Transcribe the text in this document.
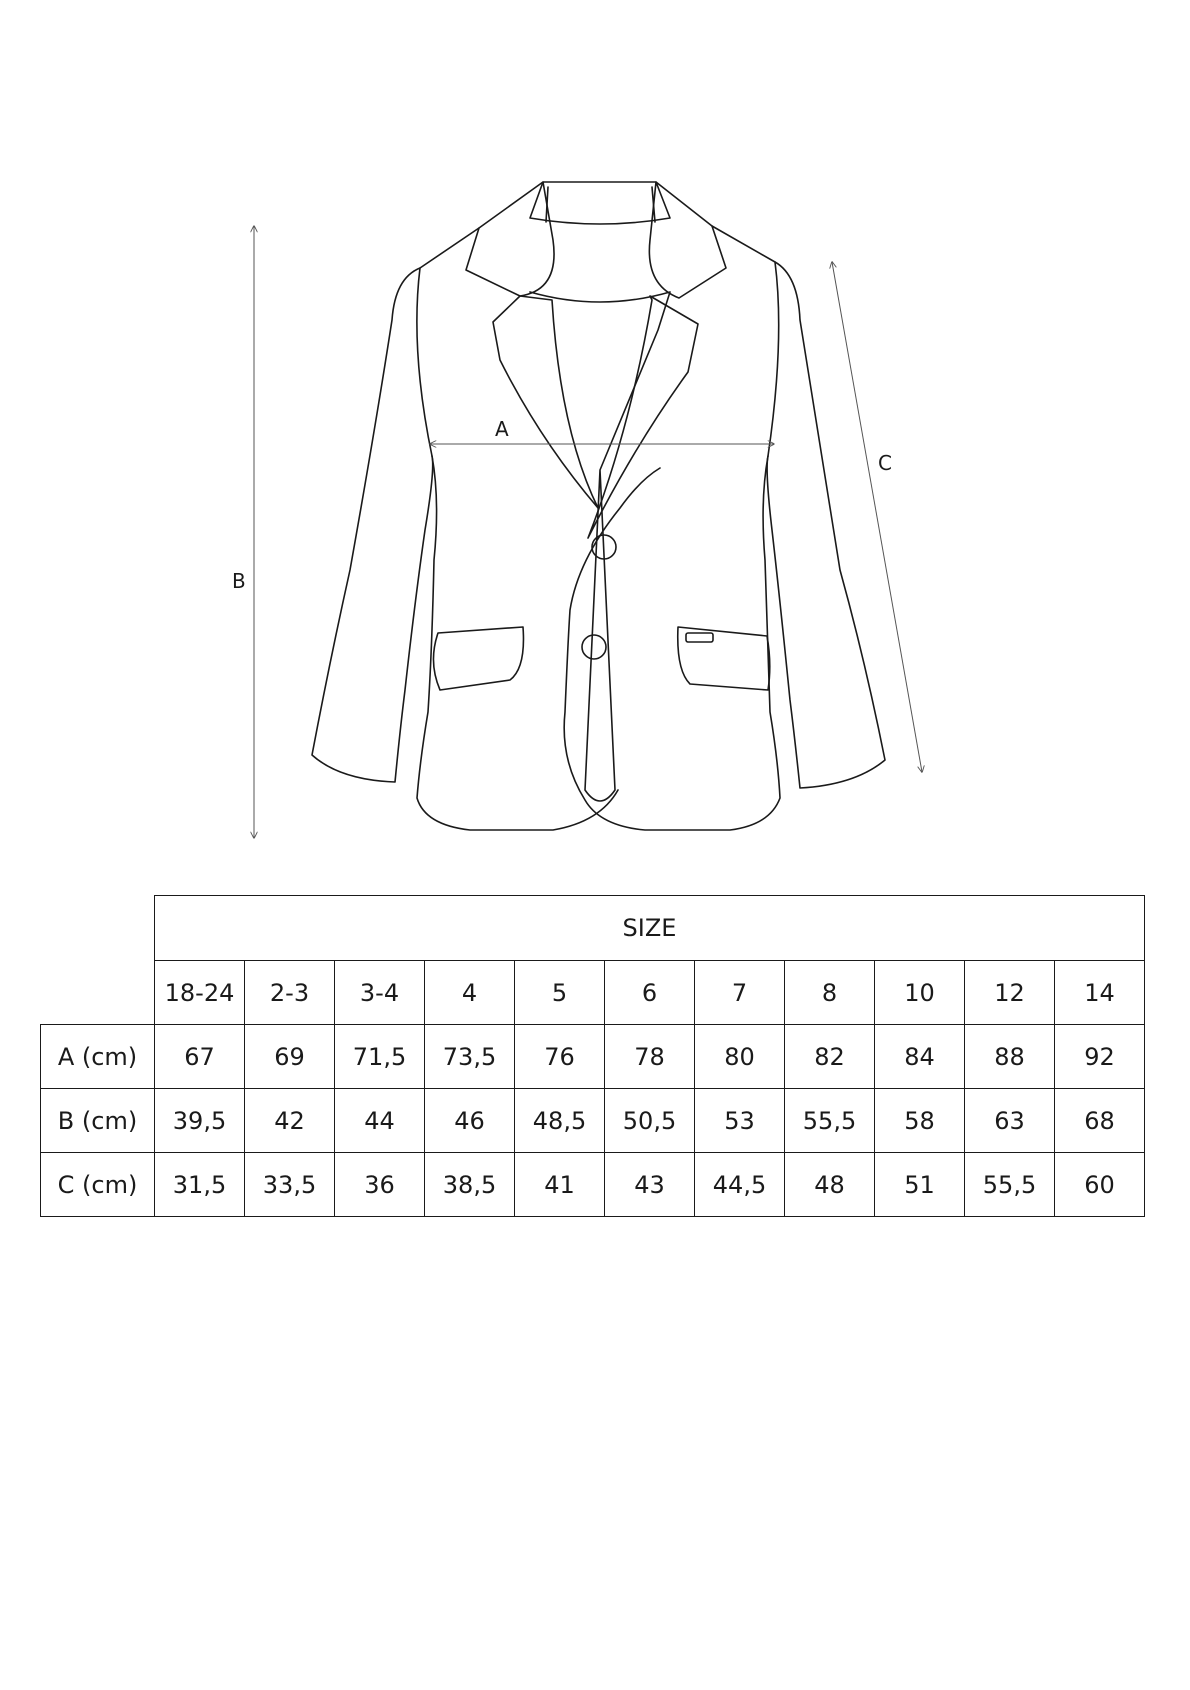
A
B
C
	SIZE										
	18-24	2-3	3-4	4	5	6	7	8	10	12	14
A (cm)	67	69	71,5	73,5	76	78	80	82	84	88	92
B (cm)	39,5	42	44	46	48,5	50,5	53	55,5	58	63	68
C (cm)	31,5	33,5	36	38,5	41	43	44,5	48	51	55,5	60
